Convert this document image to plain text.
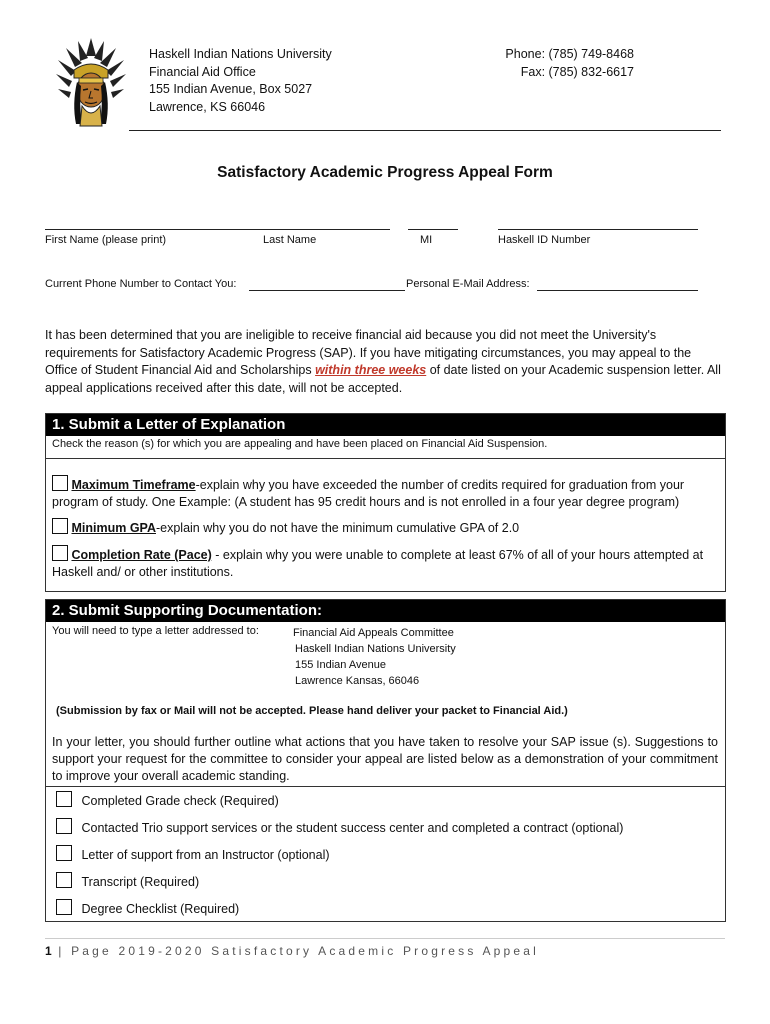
Haskell Indian Nations University
Financial Aid Office
155 Indian Avenue, Box 5027
Lawrence, KS 66046
Phone: (785) 749-8468
Fax: (785) 832-6617
Satisfactory Academic Progress Appeal Form
First Name (please print)	Last Name	MI	Haskell ID Number
Current Phone Number to Contact You:	Personal E-Mail Address:
It has been determined that you are ineligible to receive financial aid because you did not meet the University's requirements for Satisfactory Academic Progress (SAP). If you have mitigating circumstances, you may appeal to the Office of Student Financial Aid and Scholarships within three weeks of date listed on your Academic suspension letter. All appeal applications received after this date, will not be accepted.
1. Submit a Letter of Explanation
Check the reason (s) for which you are appealing and have been placed on Financial Aid Suspension.
Maximum Timeframe-explain why you have exceeded the number of credits required for graduation from your program of study. One Example: (A student has 95 credit hours and is not enrolled in a four year degree program)
Minimum GPA-explain why you do not have the minimum cumulative GPA of 2.0
Completion Rate (Pace) - explain why you were unable to complete at least 67% of all of your hours attempted at Haskell and/ or other institutions.
2. Submit Supporting Documentation:
You will need to type a letter addressed to:	Financial Aid Appeals Committee
Haskell Indian Nations University
155 Indian Avenue
Lawrence Kansas, 66046
(Submission by fax or Mail will not be accepted. Please hand deliver your packet to Financial Aid.)
In your letter, you should further outline what actions that you have taken to resolve your SAP issue (s). Suggestions to support your request for the committee to consider your appeal are listed below as a demonstration of your commitment to improve your overall academic standing.
Completed Grade check (Required)
Contacted Trio support services or the student success center and completed a contract (optional)
Letter of support from an Instructor (optional)
Transcript (Required)
Degree Checklist (Required)
1 | Page 2019-2020 Satisfactory Academic Progress Appeal
